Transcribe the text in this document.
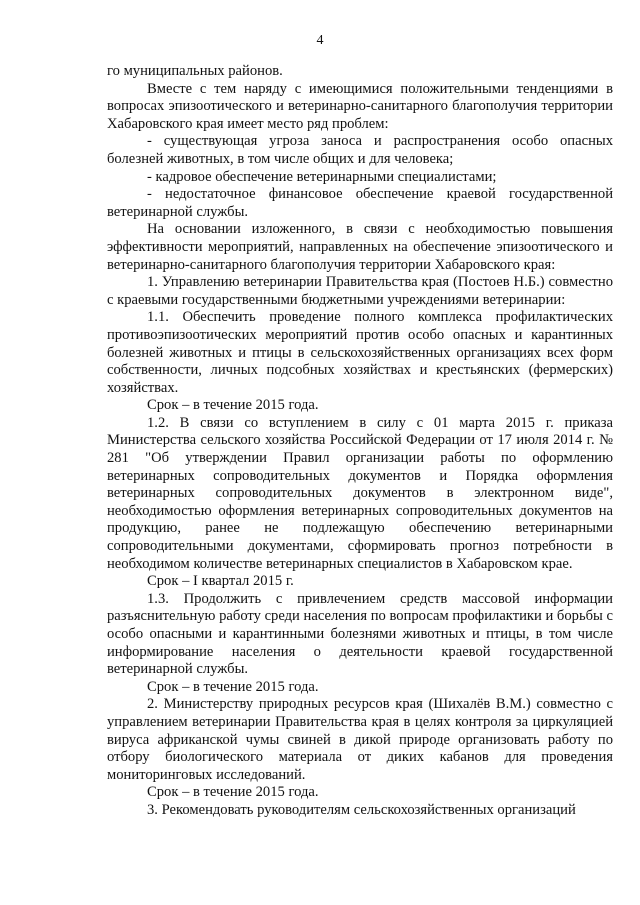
4

го муниципальных районов.

Вместе с тем наряду с имеющимися положительными тенденциями в вопросах эпизоотического и ветеринарно-санитарного благополучия территории Хабаровского края имеет место ряд проблем:

- существующая угроза заноса и распространения особо опасных болезней животных, в том числе общих и для человека;

- кадровое обеспечение ветеринарными специалистами;

- недостаточное финансовое обеспечение краевой государственной ветеринарной службы.

На основании изложенного, в связи с необходимостью повышения эффективности мероприятий, направленных на обеспечение эпизоотического и ветеринарно-санитарного благополучия территории Хабаровского края:

1. Управлению ветеринарии Правительства края (Постоев Н.Б.) совместно с краевыми государственными бюджетными учреждениями ветеринарии:

1.1. Обеспечить проведение полного комплекса профилактических противоэпизоотических мероприятий против особо опасных и карантинных болезней животных и птицы в сельскохозяйственных организациях всех форм собственности, личных подсобных хозяйствах и крестьянских (фермерских) хозяйствах.

Срок – в течение 2015 года.

1.2. В связи со вступлением в силу с 01 марта 2015 г. приказа Министерства сельского хозяйства Российской Федерации от 17 июля 2014 г. № 281 "Об утверждении Правил организации работы по оформлению ветеринарных сопроводительных документов и Порядка оформления ветеринарных сопроводительных документов в электронном виде", необходимостью оформления ветеринарных сопроводительных документов на продукцию, ранее не подлежащую обеспечению ветеринарными сопроводительными документами, сформировать прогноз потребности в необходимом количестве ветеринарных специалистов в Хабаровском крае.

Срок – I квартал 2015 г.

1.3. Продолжить с привлечением средств массовой информации разъяснительную работу среди населения по вопросам профилактики и борьбы с особо опасными и карантинными болезнями животных и птицы, в том числе информирование населения о деятельности краевой государственной ветеринарной службы.

Срок – в течение 2015 года.

2. Министерству природных ресурсов края (Шихалёв В.М.) совместно с управлением ветеринарии Правительства края в целях контроля за циркуляцией вируса африканской чумы свиней в дикой природе организовать работу по отбору биологического материала от диких кабанов для проведения мониторинговых исследований.

Срок – в течение 2015 года.

3. Рекомендовать руководителям сельскохозяйственных организаций
